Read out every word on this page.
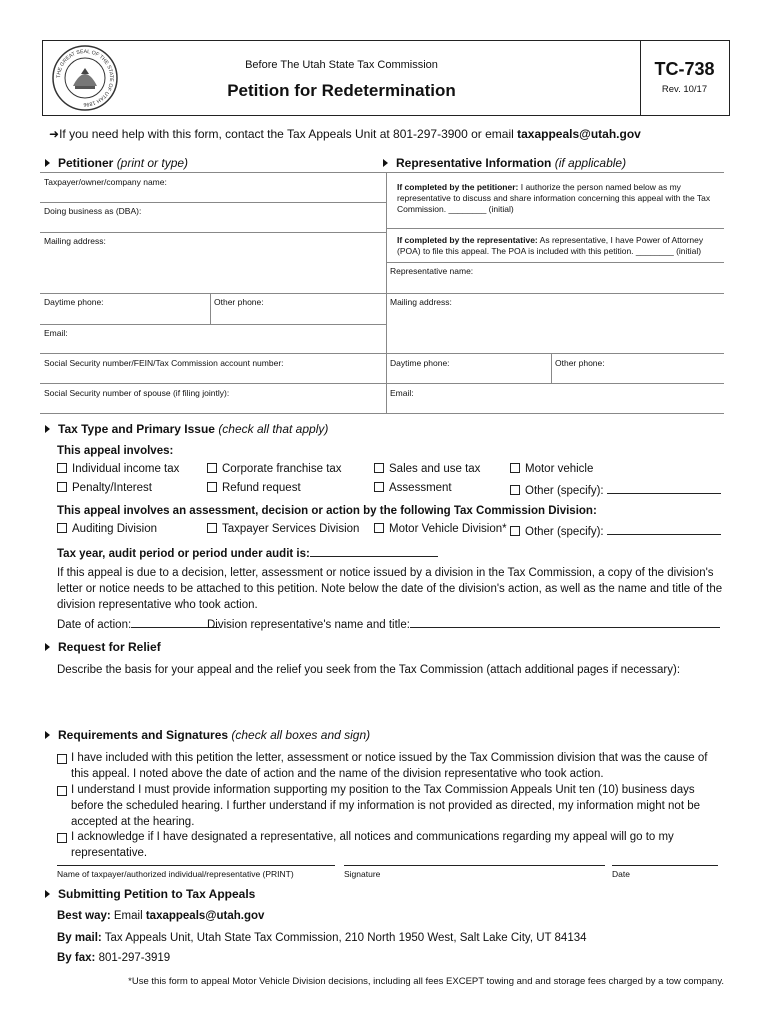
THE GREAT SEAL OF THE STATE OF UTAH 1896
Before The Utah State Tax Commission
Petition for Redetermination
TC-738
Rev. 10/17
➜If you need help with this form, contact the Tax Appeals Unit at 801-297-3900 or email taxappeals@utah.gov
Petitioner (print or type)	Representative Information (if applicable)
Taxpayer/owner/company name:
Doing business as (DBA):
Mailing address:
Daytime phone:	Other phone:
Email:
Social Security number/FEIN/Tax Commission account number:
Social Security number of spouse (if filing jointly):
If completed by the petitioner: I authorize the person named below as my representative to discuss and share information concerning this appeal with the Tax Commission. ________ (initial)
If completed by the representative: As representative, I have Power of Attorney (POA) to file this appeal. The POA is included with this petition. ________ (initial)
Representative name:
Mailing address:
Daytime phone:	Other phone:
Email:
Tax Type and Primary Issue (check all that apply)
This appeal involves:
Individual income tax	Corporate franchise tax	Sales and use tax	Motor vehicle
Penalty/Interest	Refund request	Assessment	Other (specify):
This appeal involves an assessment, decision or action by the following Tax Commission Division:
Auditing Division	Taxpayer Services Division	Motor Vehicle Division*	Other (specify):
Tax year, audit period or period under audit is:
If this appeal is due to a decision, letter, assessment or notice issued by a division in the Tax Commission, a copy of the division's letter or notice needs to be attached to this petition. Note below the date of the division's action, as well as the name and title of the division representative who took action.
Date of action:	Division representative's name and title:
Request for Relief
Describe the basis for your appeal and the relief you seek from the Tax Commission (attach additional pages if necessary):
Requirements and Signatures (check all boxes and sign)
I have included with this petition the letter, assessment or notice issued by the Tax Commission division that was the cause of this appeal. I noted above the date of action and the name of the division representative who took action.
I understand I must provide information supporting my position to the Tax Commission Appeals Unit ten (10) business days before the scheduled hearing. I further understand if my information is not provided as directed, my information might not be accepted at the hearing.
I acknowledge if I have designated a representative, all notices and communications regarding my appeal will go to my representative.
Name of taxpayer/authorized individual/representative (PRINT)	Signature	Date
Submitting Petition to Tax Appeals
Best way: Email taxappeals@utah.gov
By mail: Tax Appeals Unit, Utah State Tax Commission, 210 North 1950 West, Salt Lake City, UT 84134
By fax: 801-297-3919
*Use this form to appeal Motor Vehicle Division decisions, including all fees EXCEPT towing and and storage fees charged by a tow company.
